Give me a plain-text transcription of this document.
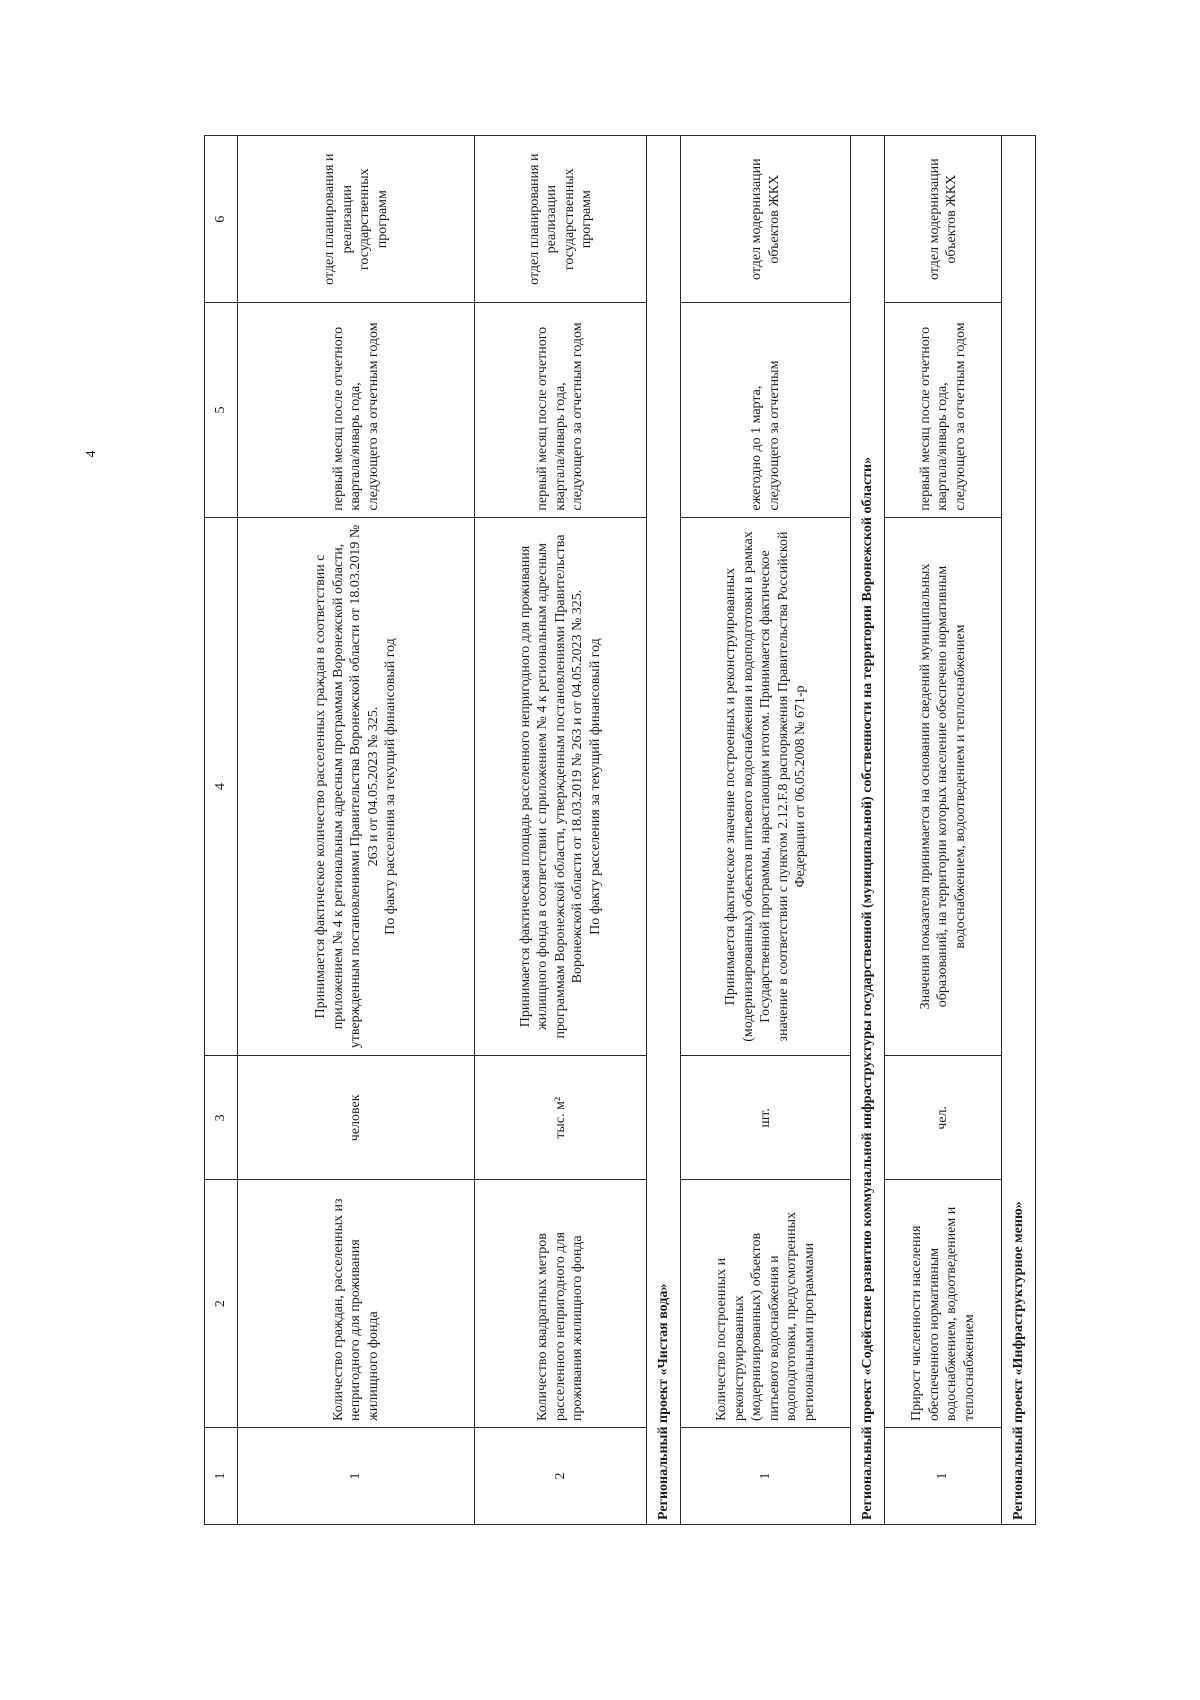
4
1	2	3	4	5	6
1	Количество граждан, расселенных из непригодного для проживания жилищного фонда	человек	Принимается фактическое количество расселенных граждан в соответствии с приложением № 4 к региональным адресным программам Воронежской области, утвержденным постановлениями Правительства Воронежской области от 18.03.2019 № 263 и от 04.05.2023 № 325. По факту расселения за текущий финансовый год	первый месяц после отчетного квартала/январь года, следующего за отчетным годом	отдел планирования и реализации государственных программ
2	Количество квадратных метров расселенного непригодного для проживания жилищного фонда	тыс. м²	Принимается фактическая площадь расселенного непригодного для проживания жилищного фонда в соответствии с приложением № 4 к региональным адресным программам Воронежской области, утвержденным постановлениями Правительства Воронежской области от 18.03.2019 № 263 и от 04.05.2023 № 325. По факту расселения за текущий финансовый год	первый месяц после отчетного квартала/январь года, следующего за отчетным годом	отдел планирования и реализации государственных программ
Региональный проект «Чистая вода»					
1	Количество построенных и реконструированных (модернизированных) объектов питьевого водоснабжения и водоподготовки, предусмотренных региональными программами	шт.	Принимается фактическое значение построенных и реконструированных (модернизированных) объектов питьевого водоснабжения и водоподготовки в рамках Государственной программы, нарастающим итогом. Принимается фактическое значение в соответствии с пунктом 2.12.F.8 распоряжения Правительства Российской Федерации от 06.05.2008 № 671-р	ежегодно до 1 марта, следующего за отчетным	отдел модернизации объектов ЖКХ
Региональный проект «Содействие развитию коммунальной инфраструктуры государственной (муниципальной) собственности на территории Воронежской области»					
1	Прирост численности населения обеспеченного нормативным водоснабжением, водоотведением и теплоснабжением	чел.	Значения показателя принимается на основании сведений муниципальных образований, на территории которых население обеспечено нормативным водоснабжением, водоотведением и теплоснабжением	первый месяц после отчетного квартала/январь года, следующего за отчетным годом	отдел модернизации объектов ЖКХ
Региональный проект «Инфраструктурное меню»					
